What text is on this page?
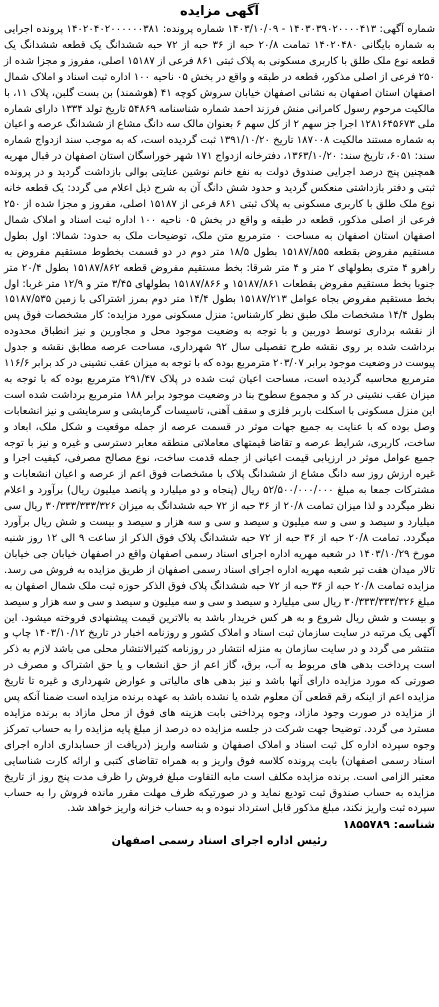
آگهی مزایده

شماره آگهی: ۱۴۰۳۰۳۹۰۲۰۰۰۰۴۱۳ - ۱۴۰۳/۱۰/۰۹ شماره پرونده: ۱۴۰۲۰۴۰۲۰۰۰۰۰۰۳۸۱ پرونده اجرایی به شماره بایگانی ۱۴۰۲۰۴۸۰ تمامت ۲۰/۸ حبه از ۳۶ حبه از ۷۲ حبه ششدانگ یک قطعه ششدانگ یک قطعه نوع ملک طلق با کاربری مسکونی به پلاک ثبتی ۸۶۱ فرعی از ۱۵۱۸۷ اصلی، مفروز و مجزا شده از ۲۵۰ فرعی از اصلی مذکور، قطعه در طبقه و واقع در بخش ۰۵ ناحیه ۱۰۰ اداره ثبت اسناد و املاک شمال اصفهان استان اصفهان به نشانی اصفهان خیابان سروش کوچه ۴۱ (هوشمند) بن بست گلبن، پلاک ۱۱، با مالکیت مرحوم رسول کامرانی منش فرزند احمد شماره شناسنامه ۵۴۸۶۹ تاریخ تولد ۱۳۳۴ دارای شماره ملی ۱۲۸۱۶۴۵۶۷۳ اجرا جز سهم ۲ از کل سهم ۶ بعنوان مالک سه دانگ مشاع از ششدانگ عرصه و اعیان به شماره مستند مالکیت ۱۸۷۰۰۸ تاریخ ۱۳۹۱/۱۰/۲۰ ثبت گردیده است، که به موجب سند ازدواج شماره سند: ۶۰۵۱، تاریخ سند: ۱۳۶۳/۱۰/۲۰، دفترخانه ازدواج ۱۷۱ شهر خوراسگان استان اصفهان در قبال مهریه همچنین پنج درصد اجرایی صندوق دولت به نفع خانم نوشین عنایتی بوالی بازداشت گردید و در پرونده ثبتی و دفتر بازداشتی منعکس گردید و حدود شش دانگ آن به شرح ذیل اعلام می گردد: یک قطعه خانه نوع ملک طلق با کاربری مسکونی به پلاک ثبتی ۸۶۱ فرعی از ۱۵۱۸۷ اصلی، مفروز و مجزا شده از ۲۵۰ فرعی از اصلی مذکور، قطعه در طبقه و واقع در بخش ۰۵ ناحیه ۱۰۰ اداره ثبت اسناد و املاک شمال اصفهان استان اصفهان به مساحت ۰ مترمربع متن ملک، توضیحات ملک به حدود: شمالا: اول بطول مستقیم مفروض بقطعه ۱۵۱۸۷/۸۵۵ بطول ۱۸/۵ متر دوم در دو قسمت بخطوط مستقیم مفروض به راهرو ۴ متری بطولهای ۲ متر و ۴ متر شرقا: بخط مستقیم مفروض قطعه ۱۵۱۸۷/۸۶۲ بطول ۲۰/۴ متر جنوبا بخط مستقیم مفروض بقطعات ۱۵۱۸۷/۸۶۱ و ۱۵۱۸۷/۸۶۶ بطولهای ۳/۴۵ متر و ۱۲/۹ متر غربا: اول بخط مستقیم مفروض بجاه عوامل ۱۵۱۸۷/۲۱۳ بطول ۱۴/۴ متر دوم بمرز اشتراکی با زمین ۱۵۱۸۷/۵۳۵ بطول ۱۴/۴ مشخصات ملک طبق نظر کارشناس: منزل مسکونی مورد مزایده: کار مشخصات فوق پس از نقشه برداری توسط دوربین و با توجه به وضعیت موجود محل و مجاورین و نیز انطباق محدوده برداشت شده بر روی نقشه طرح تفصیلی سال ۹۲ شهرداری، مساحت عرصه مطابق نقشه و جدول پیوست در وضعیت موجود برابر ۲۰۳/۰۷ مترمربع بوده که با توجه به میزان عقب نشینی در کد برابر ۱۱۶/۶ مترمربع محاسبه گردیده است، مساحت اعیان ثبت شده در پلاک ۲۹۱/۴۷ مترمربع بوده که با توجه به میزان عقب نشینی در کد و مجموع سطوح بنا در وضعیت موجود برابر ۱۸۸ مترمربع برداشت شده است این منزل مسکونی با اسکلت باربر فلزی و سقف آهنی، تاسیسات گرمایشی و سرمایشی و نیز انشعابات وصل بوده که با عنایت به جمیع جهات موثر در قسمت عرصه از جمله موقعیت و شکل ملک، ابعاد و ساخت، کاربری، شرایط عرصه و تقاضا قیمتهای معاملاتی منطقه معابر دسترسی و غیره و نیز با توجه جمیع عوامل موثر در ارزیابی قیمت اعیانی از جمله قدمت ساخت، نوع مصالح مصرفی، کیفیت اجرا و غیره ارزش روز سه دانگ مشاع از ششدانگ پلاک با مشخصات فوق اعم از عرصه و اعیان انشعابات و مشترکات جمعا به مبلغ ۵۲/۵۰۰/۰۰۰/۰۰۰ ریال (پنجاه و دو میلیارد و پانصد میلیون ریال) برآورد و اعلام نظر میگردد و لذا میزان تمامت ۲۰/۸ از ۳۶ حبه از ۷۲ حبه ششدانگ به میزان ۳۰/۳۳۳/۳۳۳/۳۲۶ ریال سی میلیارد و سیصد و سی و سه میلیون و سیصد و سی و سه هزار و سیصد و بیست و شش ریال برآورد میگردد. تمامت ۲۰/۸ حبه از ۳۶ حبه از ۷۲ حبه ششدانگ پلاک فوق الذکر از ساعت ۹ الی ۱۲ روز شنبه مورخ ۱۴۰۳/۱۰/۲۹ در شعبه مهریه اداره اجرای اسناد رسمی اصفهان واقع در اصفهان خیابان جی خیابان تالار میدان هفت تیر شعبه مهریه اداره اجرای اسناد رسمی اصفهان از طریق مزایده به فروش می رسد. مزایده تمامت ۲۰/۸ حبه از ۳۶ حبه از ۷۲ حبه ششدانگ پلاک فوق الذکر حوزه ثبت ملک شمال اصفهان به مبلغ ۳۰/۳۳۳/۳۳۳/۳۲۶ ریال سی میلیارد و سیصد و سی و سه میلیون و سیصد و سی و سه هزار و سیصد و بیست و شش ریال شروع و به هر کس خریدار باشد به بالاترین قیمت پیشنهادی فروخته میشود. این آگهی یک مرتبه در سایت سازمان ثبت اسناد و املاک کشور و روزنامه اخبار در تاریخ ۱۴۰۳/۱۰/۱۲ چاپ و منتشر می گردد و در سایت سازمان به منزله انتشار در روزنامه کثیرالانتشار محلی می باشد لازم به ذکر است پرداخت بدهی های مربوط به آب، برق، گاز اعم از حق انشعاب و یا حق اشتراک و مصرف در صورتی که مورد مزایده دارای آنها باشد و نیز بدهی های مالیاتی و عوارض شهرداری و غیره تا تاریخ مزایده اعم از اینکه رقم قطعی آن معلوم شده یا نشده باشد به عهده برنده مزایده است ضمنا آنکه پس از مزایده در صورت وجود مازاد، وجوه پرداختی بابت هزینه های فوق از محل مازاد به برنده مزایده مسترد می گردد. توضیحا جهت شرکت در جلسه مزایده ده درصد از مبلغ پایه مزایده را به حساب تمرکز وجوه سپرده اداره کل ثبت اسناد و املاک اصفهان و شناسه واریز (دریافت از حسابداری اداره اجرای اسناد رسمی اصفهان) بابت پرونده کلاسه فوق واریز و به همراه تقاضای کتبی و ارائه کارت شناسایی معتبر الزامی است. برنده مزایده مکلف است مابه التفاوت مبلغ فروش را ظرف مدت پنج روز از تاریخ مزایده به حساب صندوق ثبت تودیع نماید و در صورتیکه ظرف مهلت مقرر مانده فروش را به حساب سپرده ثبت واریز نکند، مبلغ مذکور قابل استرداد نبوده و به حساب خزانه واریز خواهد شد.

شناسه: ۱۸۵۵۷۸۹

رئیس اداره اجرای اسناد رسمی اصفهان
